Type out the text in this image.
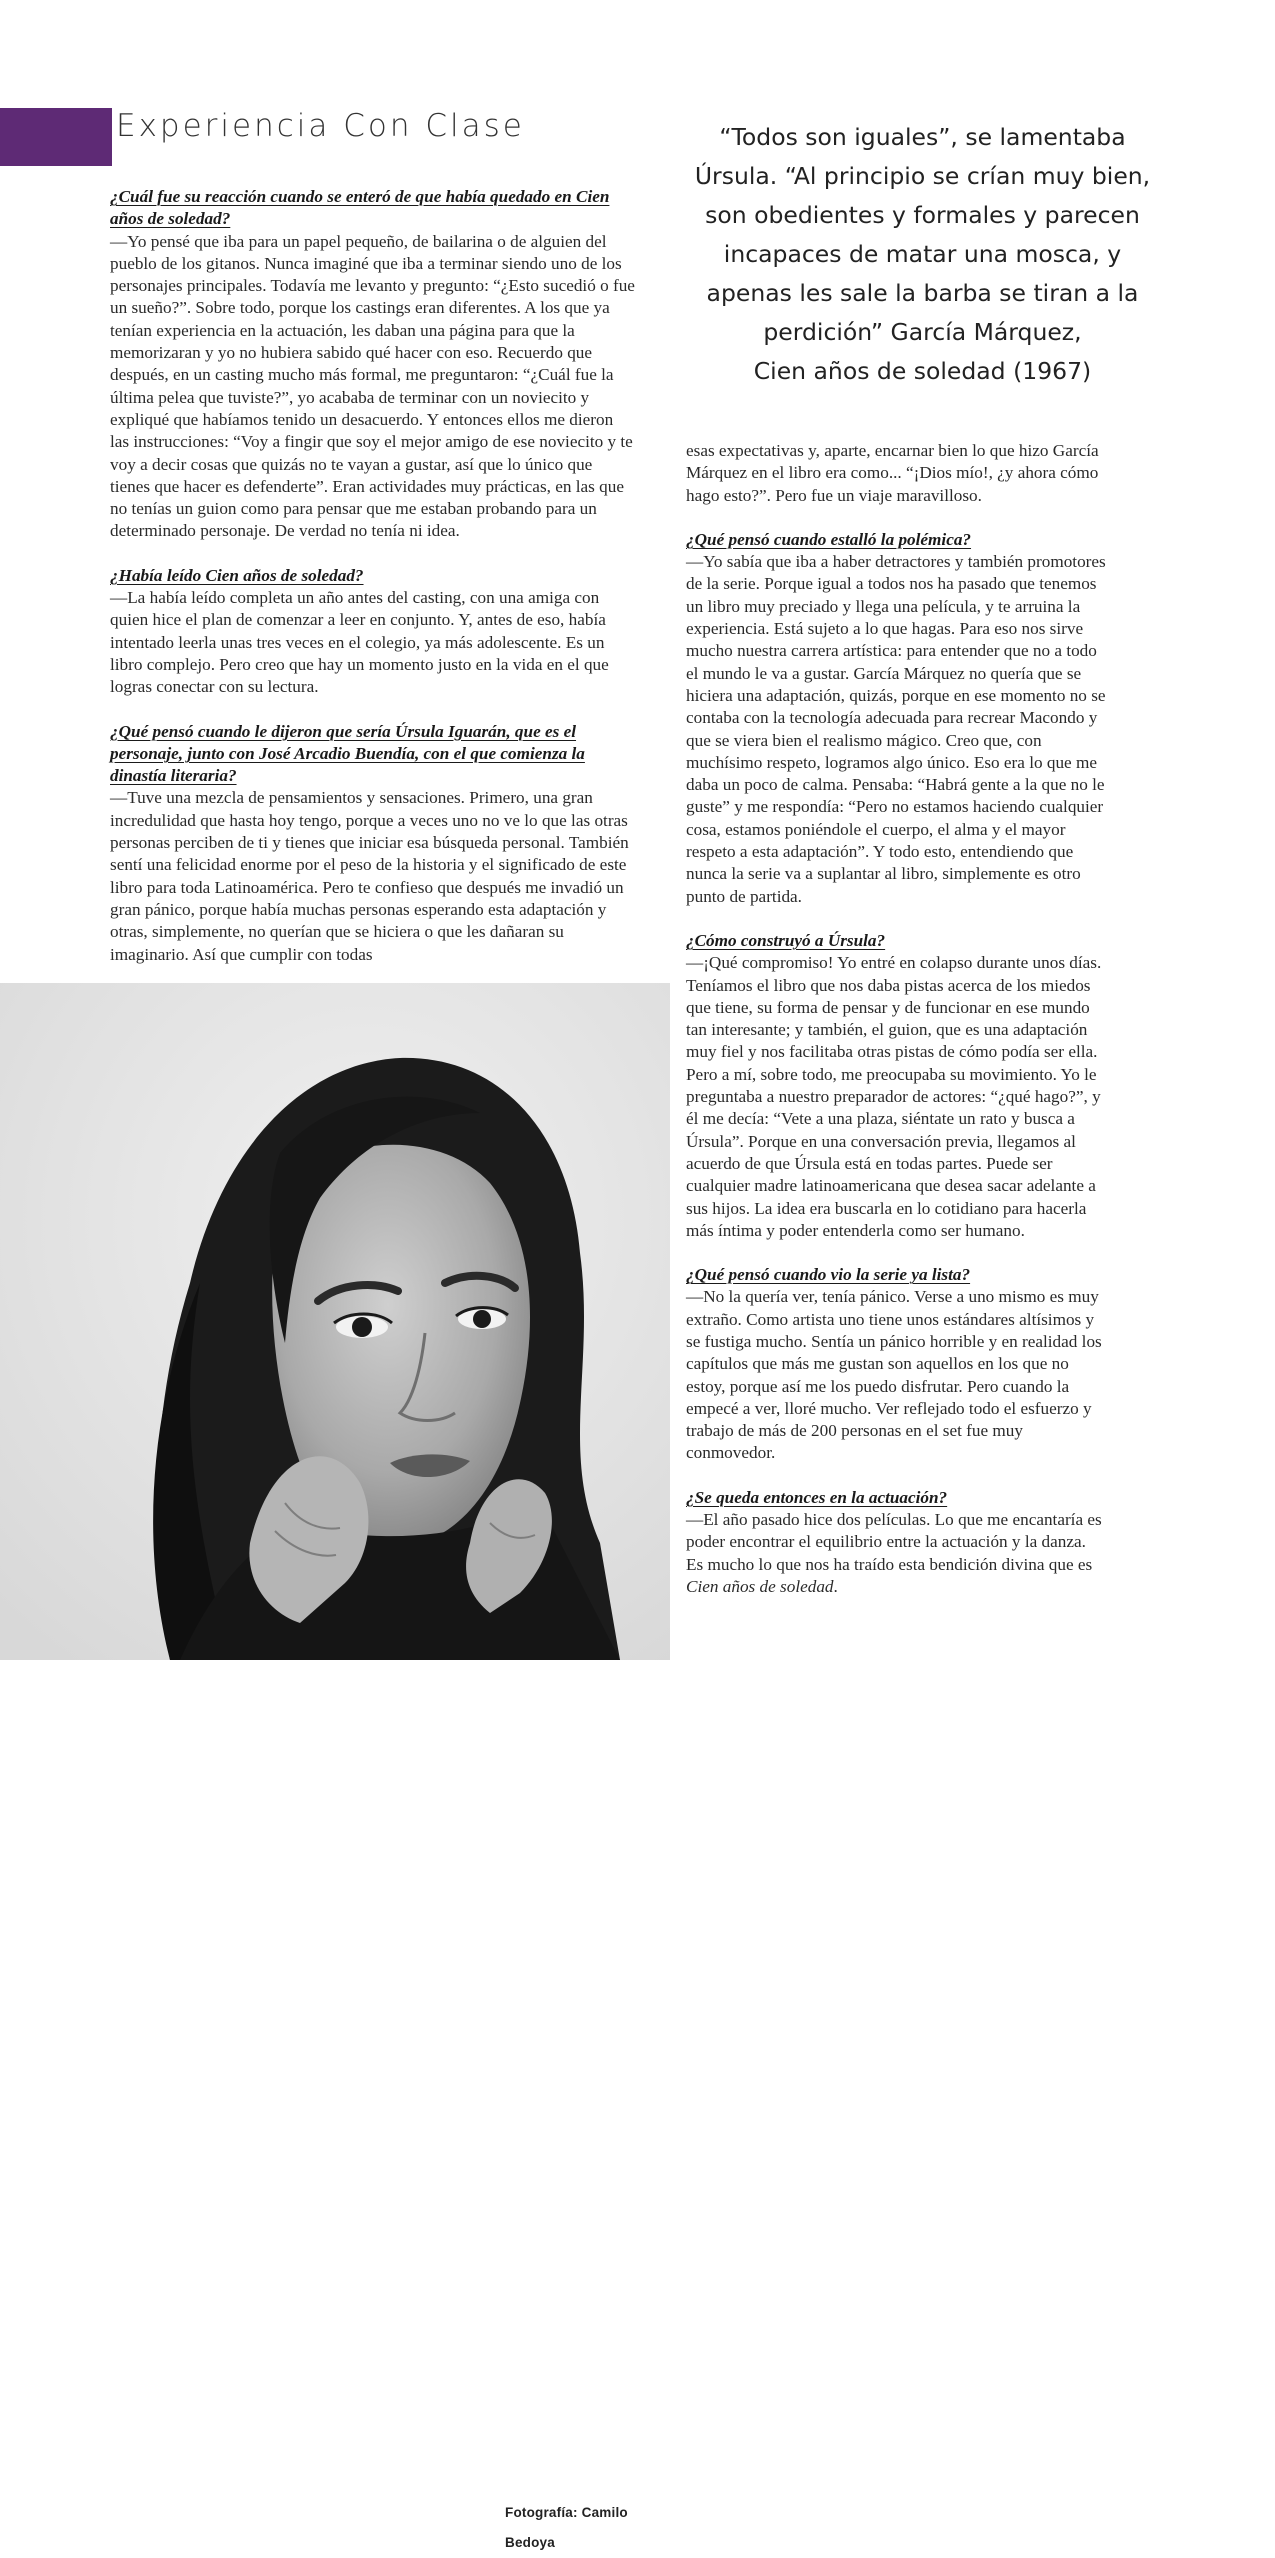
Experiencia Con Clase	“Todos son iguales”, se lamentaba Úrsula. “Al principio se crían muy bien, son obedientes y formales y parecen incapaces de matar una mosca, y apenas les sale la barba se tiran a la perdición” García Márquez,
Cien años de soledad (1967)
¿Cuál fue su reacción cuando se enteró de que había quedado en Cien años de soledad?
—Yo pensé que iba para un papel pequeño, de bailarina o de alguien del pueblo de los gitanos. Nunca imaginé que iba a terminar siendo uno de los personajes principales. Todavía me levanto y pregunto: “¿Esto sucedió o fue un sueño?”. Sobre todo, porque los castings eran diferentes. A los que ya tenían experiencia en la actuación, les daban una página para que la memorizaran y yo no hubiera sabido qué hacer con eso. Recuerdo que después, en un casting mucho más formal, me preguntaron: “¿Cuál fue la última pelea que tuviste?”, yo acababa de terminar con un noviecito y expliqué que habíamos tenido un desacuerdo. Y entonces ellos me dieron las instrucciones: “Voy a fingir que soy el mejor amigo de ese noviecito y te voy a decir cosas que quizás no te vayan a gustar, así que lo único que tienes que hacer es defenderte”. Eran actividades muy prácticas, en las que no tenías un guion como para pensar que me estaban probando para un determinado personaje. De verdad no tenía ni idea.
¿Había leído Cien años de soledad?
—La había leído completa un año antes del casting, con una amiga con quien hice el plan de comenzar a leer en conjunto. Y, antes de eso, había intentado leerla unas tres veces en el colegio, ya más adolescente. Es un libro complejo. Pero creo que hay un momento justo en la vida en el que logras conectar con su lectura.
¿Qué pensó cuando le dijeron que sería Úrsula Iguarán, que es el personaje, junto con José Arcadio Buendía, con el que comienza la dinastía literaria?
—Tuve una mezcla de pensamientos y sensaciones. Primero, una gran incredulidad que hasta hoy tengo, porque a veces uno no ve lo que las otras personas perciben de ti y tienes que iniciar esa búsqueda personal. También sentí una felicidad enorme por el peso de la historia y el significado de este libro para toda Latinoamérica. Pero te confieso que después me invadió un gran pánico, porque había muchas personas esperando esta adaptación y otras, simplemente, no querían que se hiciera o que les dañaran su imaginario. Así que cumplir con todas
esas expectativas y, aparte, encarnar bien lo que hizo García Márquez en el libro era como... “¡Dios mío!, ¿y ahora cómo hago esto?”. Pero fue un viaje maravilloso.
¿Qué pensó cuando estalló la polémica?
—Yo sabía que iba a haber detractores y también promotores de la serie. Porque igual a todos nos ha pasado que tenemos un libro muy preciado y llega una película, y te arruina la experiencia. Está sujeto a lo que hagas. Para eso nos sirve mucho nuestra carrera artística: para entender que no a todo el mundo le va a gustar. García Márquez no quería que se hiciera una adaptación, quizás, porque en ese momento no se contaba con la tecnología adecuada para recrear Macondo y que se viera bien el realismo mágico. Creo que, con muchísimo respeto, logramos algo único. Eso era lo que me daba un poco de calma. Pensaba: “Habrá gente a la que no le guste” y me respondía: “Pero no estamos haciendo cualquier cosa, estamos poniéndole el cuerpo, el alma y el mayor respeto a esta adaptación”. Y todo esto, entendiendo que nunca la serie va a suplantar al libro, simplemente es otro punto de partida.
¿Cómo construyó a Úrsula?
—¡Qué compromiso! Yo entré en colapso durante unos días. Teníamos el libro que nos daba pistas acerca de los miedos que tiene, su forma de pensar y de funcionar en ese mundo tan interesante; y también, el guion, que es una adaptación muy fiel y nos facilitaba otras pistas de cómo podía ser ella. Pero a mí, sobre todo, me preocupaba su movimiento. Yo le preguntaba a nuestro preparador de actores: “¿qué hago?”, y él me decía: “Vete a una plaza, siéntate un rato y busca a Úrsula”. Porque en una conversación previa, llegamos al acuerdo de que Úrsula está en todas partes. Puede ser cualquier madre latinoamericana que desea sacar adelante a sus hijos. La idea era buscarla en lo cotidiano para hacerla más íntima y poder entenderla como ser humano.
¿Qué pensó cuando vio la serie ya lista?
—No la quería ver, tenía pánico. Verse a uno mismo es muy extraño. Como artista uno tiene unos estándares altísimos y se fustiga mucho. Sentía un pánico horrible y en realidad los capítulos que más me gustan son aquellos en los que no estoy, porque así me los puedo disfrutar. Pero cuando la empecé a ver, lloré mucho. Ver reflejado todo el esfuerzo y trabajo de más de 200 personas en el set fue muy conmovedor.
¿Se queda entonces en la actuación?
—El año pasado hice dos películas. Lo que me encantaría es poder encontrar el equilibrio entre la actuación y la danza. Es mucho lo que nos ha traído esta bendición divina que es Cien años de soledad.
Fotografía: Camilo Bedoya
